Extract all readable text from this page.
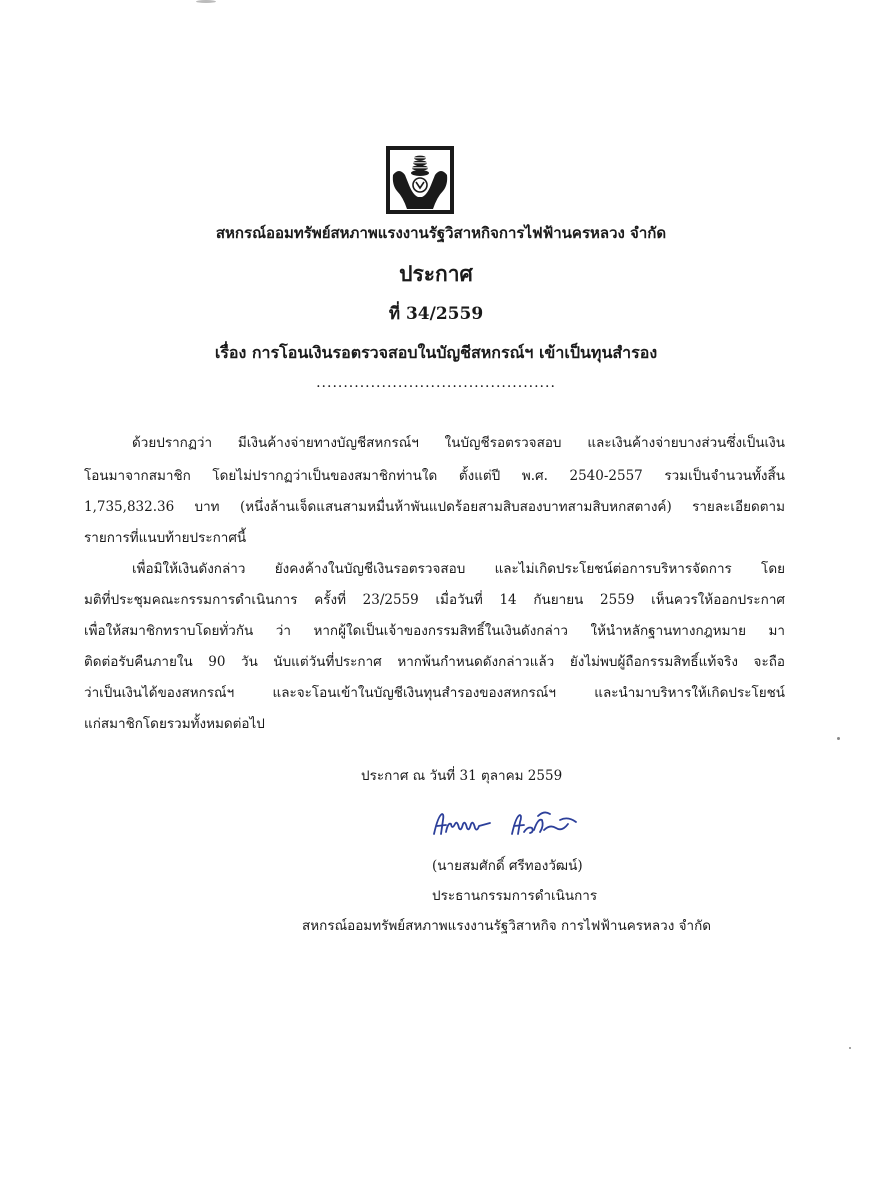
สหกรณ์ออมทรัพย์สหภาพแรงงานรัฐวิสาหกิจการไฟฟ้านครหลวง จำกัด
ประกาศ
ที่ 34/2559
เรื่อง การโอนเงินรอตรวจสอบในบัญชีสหกรณ์ฯ เข้าเป็นทุนสำรอง
............................................
ด้วยปรากฏว่า มีเงินค้างจ่ายทางบัญชีสหกรณ์ฯ ในบัญชีรอตรวจสอบ และเงินค้างจ่ายบางส่วนซึ่งเป็นเงิน
โอนมาจากสมาชิก โดยไม่ปรากฏว่าเป็นของสมาชิกท่านใด ตั้งแต่ปี พ.ศ. 2540-2557 รวมเป็นจำนวนทั้งสิ้น
1,735,832.36 บาท (หนึ่งล้านเจ็ดแสนสามหมื่นห้าพันแปดร้อยสามสิบสองบาทสามสิบหกสตางค์) รายละเอียดตาม
รายการที่แนบท้ายประกาศนี้
เพื่อมิให้เงินดังกล่าว ยังคงค้างในบัญชีเงินรอตรวจสอบ และไม่เกิดประโยชน์ต่อการบริหารจัดการ โดย
มติที่ประชุมคณะกรรมการดำเนินการ ครั้งที่ 23/2559 เมื่อวันที่ 14 กันยายน 2559 เห็นควรให้ออกประกาศ
เพื่อให้สมาชิกทราบโดยทั่วกัน ว่า หากผู้ใดเป็นเจ้าของกรรมสิทธิ์ในเงินดังกล่าว ให้นำหลักฐานทางกฎหมาย มา
ติดต่อรับคืนภายใน 90 วัน นับแต่วันที่ประกาศ หากพ้นกำหนดดังกล่าวแล้ว ยังไม่พบผู้ถือกรรมสิทธิ์แท้จริง จะถือ
ว่าเป็นเงินได้ของสหกรณ์ฯ และจะโอนเข้าในบัญชีเงินทุนสำรองของสหกรณ์ฯ และนำมาบริหารให้เกิดประโยชน์
แก่สมาชิกโดยรวมทั้งหมดต่อไป
ประกาศ ณ วันที่ 31 ตุลาคม 2559
(นายสมศักดิ์ ศรีทองวัฒน์)
ประธานกรรมการดำเนินการ
สหกรณ์ออมทรัพย์สหภาพแรงงานรัฐวิสาหกิจ การไฟฟ้านครหลวง จำกัด
